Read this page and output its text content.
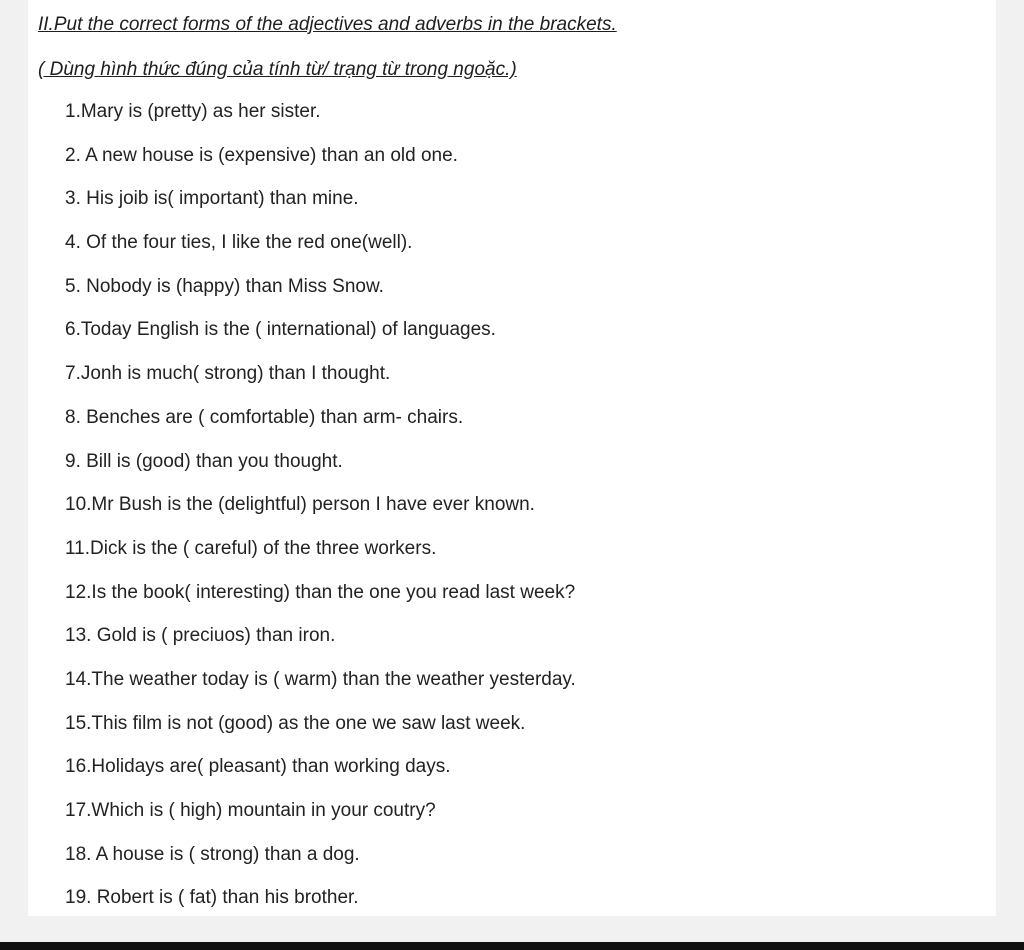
II.Put the correct forms of the adjectives and adverbs in the brackets.
( Dùng hình thức đúng của tính từ/ trạng từ trong ngoặc.)
1.Mary is (pretty) as her sister.
2. A new house is (expensive) than an old one.
3. His joib is( important) than mine.
4. Of the four ties, I like the red one(well).
5. Nobody is (happy) than Miss Snow.
6.Today English is the ( international) of languages.
7.Jonh is much( strong) than I thought.
8. Benches are ( comfortable) than arm- chairs.
9. Bill is (good) than you thought.
10.Mr Bush is the (delightful) person I have ever known.
11.Dick is the ( careful) of the three workers.
12.Is the book( interesting) than the one you read last week?
13. Gold is ( preciuos) than iron.
14.The weather today is ( warm) than the weather yesterday.
15.This film is not (good) as the one we saw last week.
16.Holidays are( pleasant) than working days.
17.Which is ( high) mountain in your coutry?
18. A house is ( strong) than a dog.
19. Robert is ( fat) than his brother.
